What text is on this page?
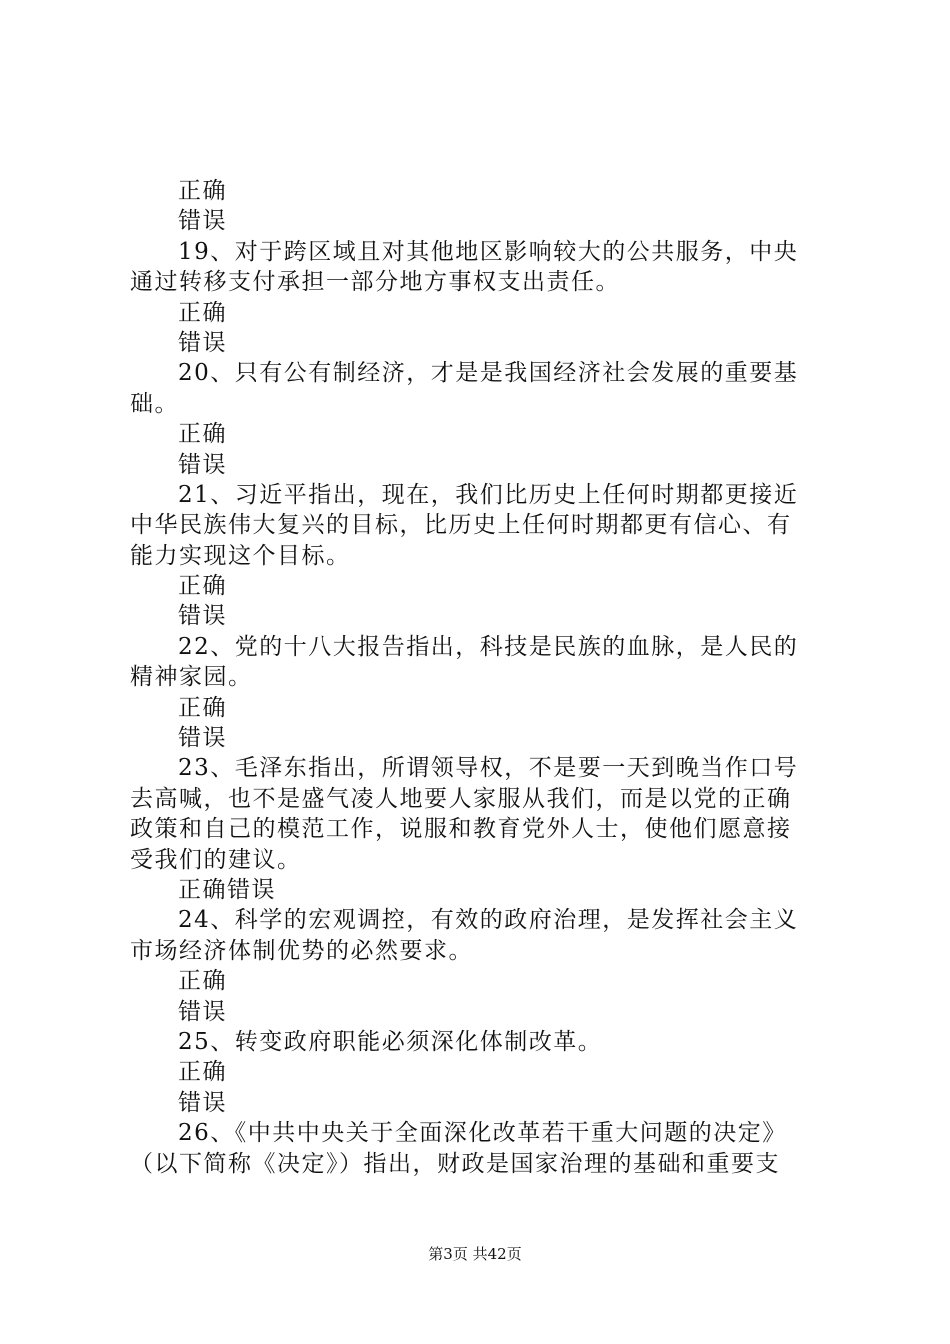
正确
错误
19、对于跨区域且对其他地区影响较大的公共服务，中央
通过转移支付承担一部分地方事权支出责任。
正确
错误
20、只有公有制经济，才是是我国经济社会发展的重要基
础。
正确
错误
21、习近平指出，现在，我们比历史上任何时期都更接近
中华民族伟大复兴的目标，比历史上任何时期都更有信心、有
能力实现这个目标。
正确
错误
22、党的十八大报告指出，科技是民族的血脉，是人民的
精神家园。
正确
错误
23、毛泽东指出，所谓领导权，不是要一天到晚当作口号
去高喊，也不是盛气凌人地要人家服从我们，而是以党的正确
政策和自己的模范工作，说服和教育党外人士，使他们愿意接
受我们的建议。
正确错误
24、科学的宏观调控，有效的政府治理，是发挥社会主义
市场经济体制优势的必然要求。
正确
错误
25、转变政府职能必须深化体制改革。
正确
错误
26、《中共中央关于全面深化改革若干重大问题的决定》
（以下简称《决定》）指出，财政是国家治理的基础和重要支
第3页 共42页
